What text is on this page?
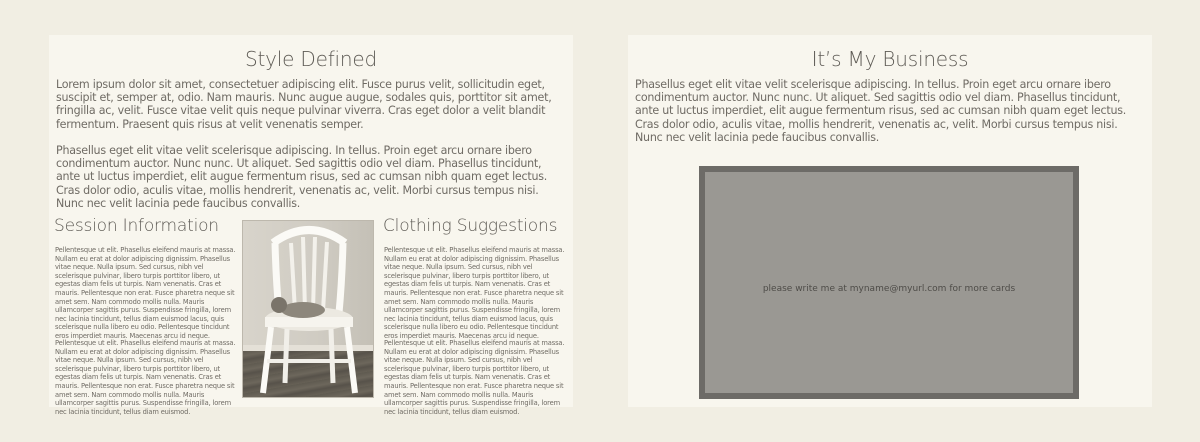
Style Defined

Lorem ipsum dolor sit amet, consectetuer adipiscing elit. Fusce purus velit, sollicitudin eget, suscipit et, semper at, odio. Nam mauris. Nunc augue augue, sodales quis, porttitor sit amet, fringilla ac, velit. Fusce vitae velit quis neque pulvinar viverra. Cras eget dolor a velit blandit fermentum. Praesent quis risus at velit venenatis semper.

Phasellus eget elit vitae velit scelerisque adipiscing. In tellus. Proin eget arcu ornare ibero condimentum auctor. Nunc nunc. Ut aliquet. Sed sagittis odio vel diam. Phasellus tincidunt, ante ut luctus imperdiet, elit augue fermentum risus, sed ac cumsan nibh quam eget lectus. Cras dolor odio, aculis vitae, mollis hendrerit, venenatis ac, velit. Morbi cursus tempus nisi. Nunc nec velit lacinia pede faucibus convallis.

Session Information

Pellentesque ut elit. Phasellus eleifend mauris at massa. Nullam eu erat at dolor adipiscing dignissim. Phasellus vitae neque. Nulla ipsum. Sed cursus, nibh vel scelerisque pulvinar, libero turpis porttitor libero, ut egestas diam felis ut turpis. Nam venenatis. Cras et mauris. Pellentesque non erat. Fusce pharetra neque sit amet sem. Nam commodo mollis nulla. Mauris ullamcorper sagittis purus. Suspendisse fringilla, lorem nec lacinia tincidunt, tellus diam euismod lacus, quis scelerisque nulla libero eu odio. Pellentesque tincidunt eros imperdiet mauris. Maecenas arcu id neque.

Pellentesque ut elit. Phasellus eleifend mauris at massa. Nullam eu erat at dolor adipiscing dignissim. Phasellus vitae neque. Nulla ipsum. Sed cursus, nibh vel scelerisque pulvinar, libero turpis porttitor libero, ut egestas diam felis ut turpis. Nam venenatis. Cras et mauris. Pellentesque non erat. Fusce pharetra neque sit amet sem. Nam commodo mollis nulla. Mauris ullamcorper sagittis purus. Suspendisse fringilla, lorem nec lacinia tincidunt, tellus diam euismod.

Clothing Suggestions

Pellentesque ut elit. Phasellus eleifend mauris at massa. Nullam eu erat at dolor adipiscing dignissim. Phasellus vitae neque. Nulla ipsum. Sed cursus, nibh vel scelerisque pulvinar, libero turpis porttitor libero, ut egestas diam felis ut turpis. Nam venenatis. Cras et mauris. Pellentesque non erat. Fusce pharetra neque sit amet sem. Nam commodo mollis nulla. Mauris ullamcorper sagittis purus. Suspendisse fringilla, lorem nec lacinia tincidunt, tellus diam euismod lacus, quis scelerisque nulla libero eu odio. Pellentesque tincidunt eros imperdiet mauris. Maecenas arcu id neque.

Pellentesque ut elit. Phasellus eleifend mauris at massa. Nullam eu erat at dolor adipiscing dignissim. Phasellus vitae neque. Nulla ipsum. Sed cursus, nibh vel scelerisque pulvinar, libero turpis porttitor libero, ut egestas diam felis ut turpis. Nam venenatis. Cras et mauris. Pellentesque non erat. Fusce pharetra neque sit amet sem. Nam commodo mollis nulla. Mauris ullamcorper sagittis purus. Suspendisse fringilla, lorem nec lacinia tincidunt, tellus diam euismod.

It’s My Business

Phasellus eget elit vitae velit scelerisque adipiscing. In tellus. Proin eget arcu ornare ibero condimentum auctor. Nunc nunc. Ut aliquet. Sed sagittis odio vel diam. Phasellus tincidunt, ante ut luctus imperdiet, elit augue fermentum risus, sed ac cumsan nibh quam eget lectus. Cras dolor odio, aculis vitae, mollis hendrerit, venenatis ac, velit. Morbi cursus tempus nisi. Nunc nec velit lacinia pede faucibus convallis.

please write me at myname@myurl.com for more cards
